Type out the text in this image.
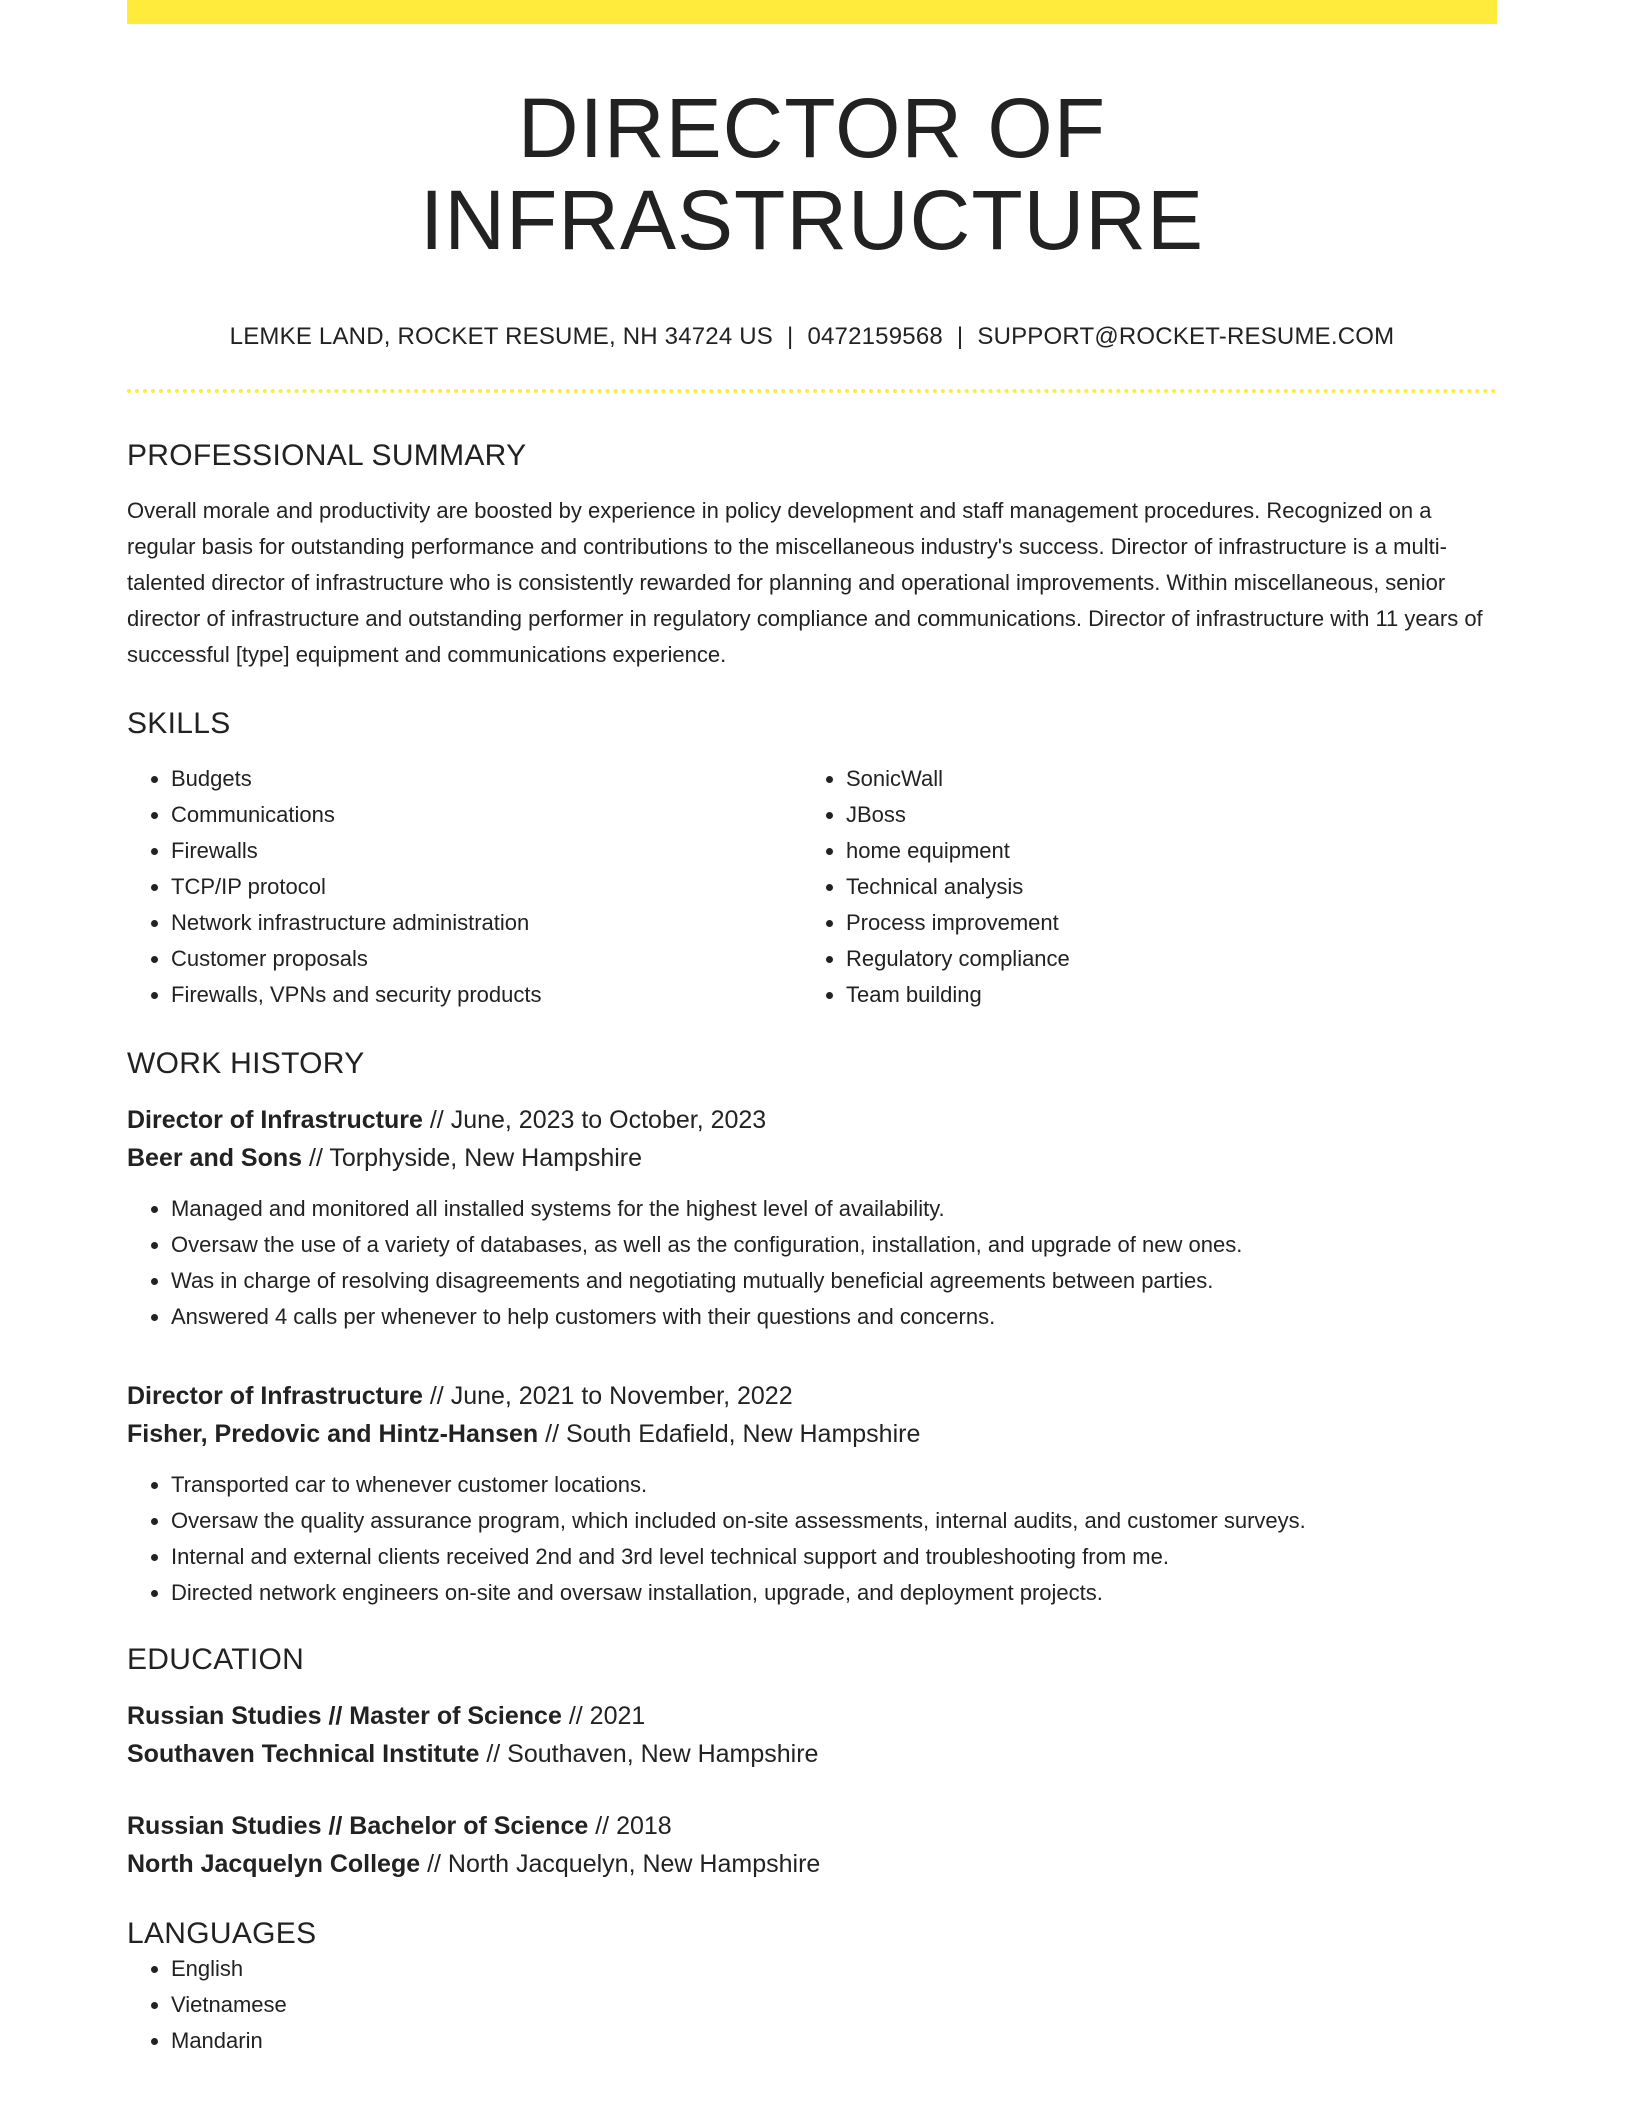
DIRECTOR OF INFRASTRUCTURE
LEMKE LAND, ROCKET RESUME, NH 34724 US | 0472159568 | SUPPORT@ROCKET-RESUME.COM
PROFESSIONAL SUMMARY

Overall morale and productivity are boosted by experience in policy development and staff management procedures. Recognized on a regular basis for outstanding performance and contributions to the miscellaneous industry's success. Director of infrastructure is a multi-talented director of infrastructure who is consistently rewarded for planning and operational improvements. Within miscellaneous, senior director of infrastructure and outstanding performer in regulatory compliance and communications. Director of infrastructure with 11 years of successful [type] equipment and communications experience.

SKILLS
• Budgets
• Communications
• Firewalls
• TCP/IP protocol
• Network infrastructure administration
• Customer proposals
• Firewalls, VPNs and security products
• SonicWall
• JBoss
• home equipment
• Technical analysis
• Process improvement
• Regulatory compliance
• Team building
WORK HISTORY
Director of Infrastructure // June, 2023 to October, 2023
Beer and Sons // Torphyside, New Hampshire
• Managed and monitored all installed systems for the highest level of availability.
• Oversaw the use of a variety of databases, as well as the configuration, installation, and upgrade of new ones.
• Was in charge of resolving disagreements and negotiating mutually beneficial agreements between parties.
• Answered 4 calls per whenever to help customers with their questions and concerns.
Director of Infrastructure // June, 2021 to November, 2022
Fisher, Predovic and Hintz-Hansen // South Edafield, New Hampshire
• Transported car to whenever customer locations.
• Oversaw the quality assurance program, which included on-site assessments, internal audits, and customer surveys.
• Internal and external clients received 2nd and 3rd level technical support and troubleshooting from me.
• Directed network engineers on-site and oversaw installation, upgrade, and deployment projects.
EDUCATION
Russian Studies // Master of Science // 2021
Southaven Technical Institute // Southaven, New Hampshire
Russian Studies // Bachelor of Science // 2018
North Jacquelyn College // North Jacquelyn, New Hampshire
LANGUAGES
• English
• Vietnamese
• Mandarin
